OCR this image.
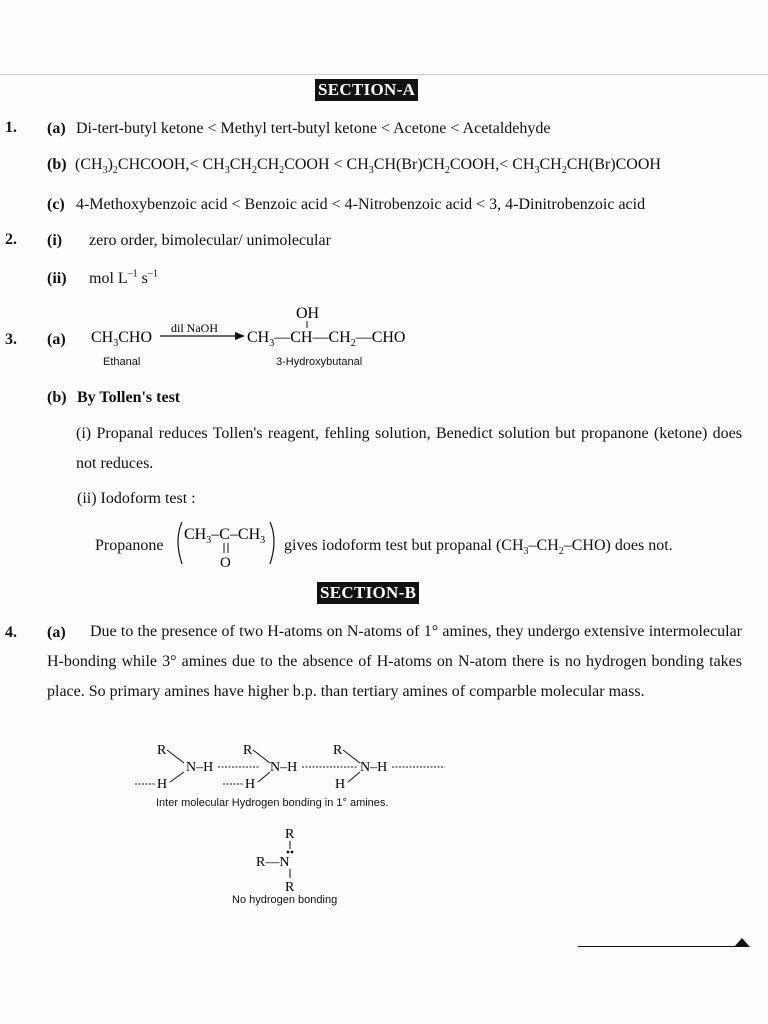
SECTION-A
1. (a) Di-tert-butyl ketone < Methyl tert-butyl ketone < Acetone < Acetaldehyde
(b) $(CH_3)_2CHCOOH,<$ $CH_3CH_2CH_2COOH$ < $CH_3CH(Br)CH_2COOH,<$ $CH_3CH_2CH(Br)COOH$
(c) 4-Methoxybenzoic acid < Benzoic acid < 4-Nitrobenzoic acid < 3, 4-Dinitrobenzoic acid
2. (i) zero order, bimolecular/ unimolecular
(ii) mol $L^{-1}$ $s^{-1}$
3. (a) $CH_3CHO$
dil NaOH
OH
$CH_3—CH—CH_2—CHO$
Ethanal	3-Hydroxybutanal
(b) By Tollen's test
(i) Propanal reduces Tollen's reagent, fehling solution, Benedict solution but propanone (ketone) does not reduces.
(ii) Iodoform test :
Propanone
$CH_3-C-CH_3$
O
gives iodoform test but propanal $(CH_3-CH_2-CHO)$ does not.
SECTION-B
4. (a)	Due to the presence of two H-atoms on N-atoms of 1° amines, they undergo extensive intermolecular H-bonding while 3° amines due to the absence of H-atoms on N-atom there is no hydrogen bonding takes place. So primary amines have higher b.p. than tertiary amines of comparble molecular mass.
R
N–H
H
R
N–H
H
R
N–H
H
Inter molecular Hydrogen bonding in 1° amines.
R
R—N
R
No hydrogen bonding
